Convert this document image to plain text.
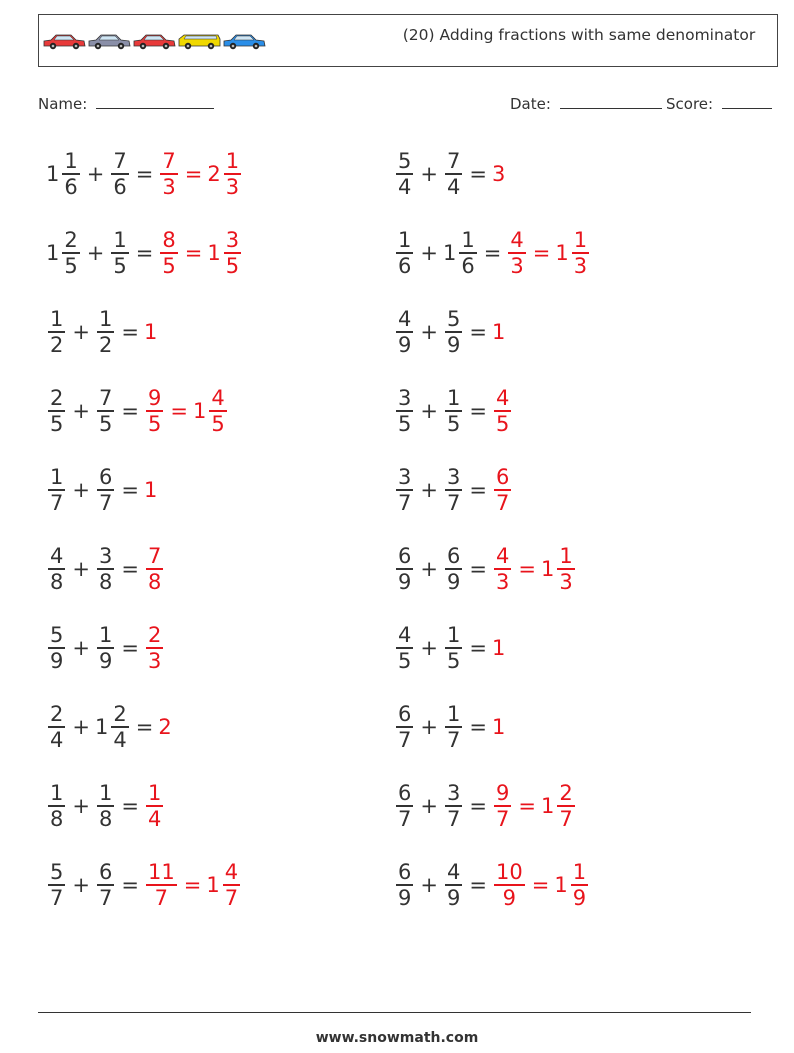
(20) Adding fractions with same denominator
Name:	Date:	Score:
$1 \frac{1}{6} + \frac{7}{6} = \frac{7}{3} = 2 \frac{1}{3}$	$\frac{5}{4} + \frac{7}{4} = 3$
$1 \frac{2}{5} + \frac{1}{5} = \frac{8}{5} = 1 \frac{3}{5}$	$\frac{1}{6} + 1 \frac{1}{6} = \frac{4}{3} = 1 \frac{1}{3}$
$\frac{1}{2} + \frac{1}{2} = 1$	$\frac{4}{9} + \frac{5}{9} = 1$
$\frac{2}{5} + \frac{7}{5} = \frac{9}{5} = 1 \frac{4}{5}$	$\frac{3}{5} + \frac{1}{5} = \frac{4}{5}$
$\frac{1}{7} + \frac{6}{7} = 1$	$\frac{3}{7} + \frac{3}{7} = \frac{6}{7}$
$\frac{4}{8} + \frac{3}{8} = \frac{7}{8}$	$\frac{6}{9} + \frac{6}{9} = \frac{4}{3} = 1 \frac{1}{3}$
$\frac{5}{9} + \frac{1}{9} = \frac{2}{3}$	$\frac{4}{5} + \frac{1}{5} = 1$
$\frac{2}{4} + 1 \frac{2}{4} = 2$	$\frac{6}{7} + \frac{1}{7} = 1$
$\frac{1}{8} + \frac{1}{8} = \frac{1}{4}$	$\frac{6}{7} + \frac{3}{7} = \frac{9}{7} = 1 \frac{2}{7}$
$\frac{5}{7} + \frac{6}{7} = \frac{11}{7} = 1 \frac{4}{7}$	$\frac{6}{9} + \frac{4}{9} = \frac{10}{9} = 1 \frac{1}{9}$
www.snowmath.com
